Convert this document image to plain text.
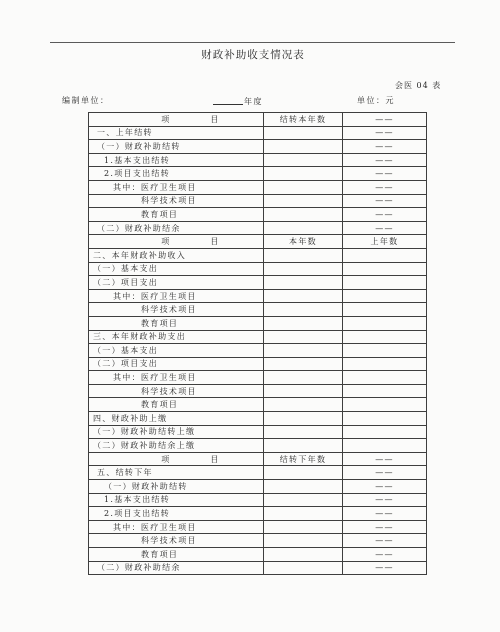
财政补助收支情况表
会医 04 表
编制单位：	年度	单位：元
项 目	结转本年数	——
一、上年结转		——
（一）财政补助结转		——
1.基本支出结转		——
2.项目支出结转		——
其中：医疗卫生项目		——
科学技术项目		——
教育项目		——
（二）财政补助结余		——
项 目	本年数	上年数
二、本年财政补助收入		
（一）基本支出		
（二）项目支出		
其中：医疗卫生项目		
科学技术项目		
教育项目		
三、本年财政补助支出		
（一）基本支出		
（二）项目支出		
其中：医疗卫生项目		
科学技术项目		
教育项目		
四、财政补助上缴		
（一）财政补助结转上缴		
（二）财政补助结余上缴		
项 目	结转下年数	——
五、结转下年		——
（一）财政补助结转		——
1.基本支出结转		——
2.项目支出结转		——
其中：医疗卫生项目		——
科学技术项目		——
教育项目		——
（二）财政补助结余		——
